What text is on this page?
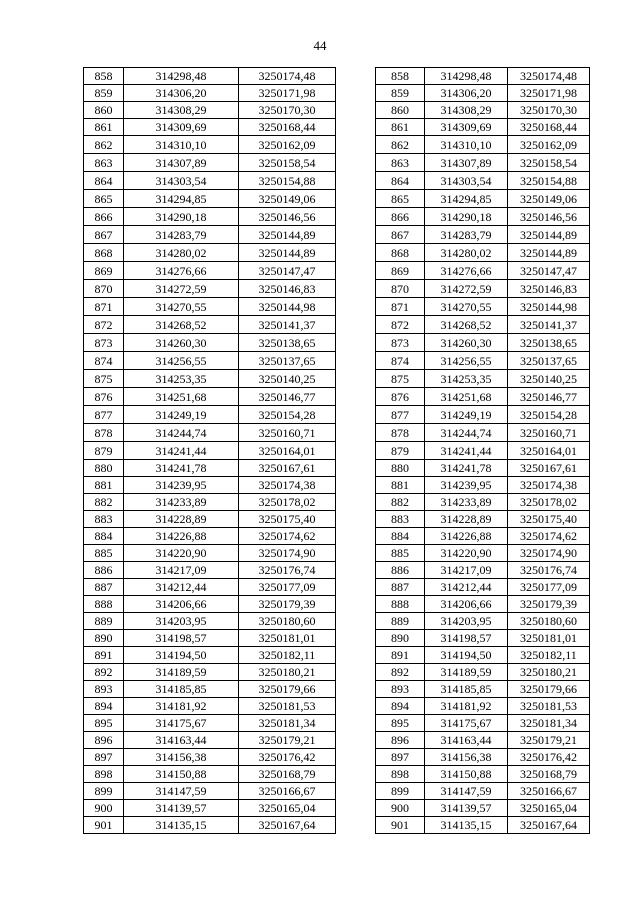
44
858	314298,48	3250174,48
859	314306,20	3250171,98
860	314308,29	3250170,30
861	314309,69	3250168,44
862	314310,10	3250162,09
863	314307,89	3250158,54
864	314303,54	3250154,88
865	314294,85	3250149,06
866	314290,18	3250146,56
867	314283,79	3250144,89
868	314280,02	3250144,89
869	314276,66	3250147,47
870	314272,59	3250146,83
871	314270,55	3250144,98
872	314268,52	3250141,37
873	314260,30	3250138,65
874	314256,55	3250137,65
875	314253,35	3250140,25
876	314251,68	3250146,77
877	314249,19	3250154,28
878	314244,74	3250160,71
879	314241,44	3250164,01
880	314241,78	3250167,61
881	314239,95	3250174,38
882	314233,89	3250178,02
883	314228,89	3250175,40
884	314226,88	3250174,62
885	314220,90	3250174,90
886	314217,09	3250176,74
887	314212,44	3250177,09
888	314206,66	3250179,39
889	314203,95	3250180,60
890	314198,57	3250181,01
891	314194,50	3250182,11
892	314189,59	3250180,21
893	314185,85	3250179,66
894	314181,92	3250181,53
895	314175,67	3250181,34
896	314163,44	3250179,21
897	314156,38	3250176,42
898	314150,88	3250168,79
899	314147,59	3250166,67
900	314139,57	3250165,04
901	314135,15	3250167,64
858	314298,48	3250174,48
859	314306,20	3250171,98
860	314308,29	3250170,30
861	314309,69	3250168,44
862	314310,10	3250162,09
863	314307,89	3250158,54
864	314303,54	3250154,88
865	314294,85	3250149,06
866	314290,18	3250146,56
867	314283,79	3250144,89
868	314280,02	3250144,89
869	314276,66	3250147,47
870	314272,59	3250146,83
871	314270,55	3250144,98
872	314268,52	3250141,37
873	314260,30	3250138,65
874	314256,55	3250137,65
875	314253,35	3250140,25
876	314251,68	3250146,77
877	314249,19	3250154,28
878	314244,74	3250160,71
879	314241,44	3250164,01
880	314241,78	3250167,61
881	314239,95	3250174,38
882	314233,89	3250178,02
883	314228,89	3250175,40
884	314226,88	3250174,62
885	314220,90	3250174,90
886	314217,09	3250176,74
887	314212,44	3250177,09
888	314206,66	3250179,39
889	314203,95	3250180,60
890	314198,57	3250181,01
891	314194,50	3250182,11
892	314189,59	3250180,21
893	314185,85	3250179,66
894	314181,92	3250181,53
895	314175,67	3250181,34
896	314163,44	3250179,21
897	314156,38	3250176,42
898	314150,88	3250168,79
899	314147,59	3250166,67
900	314139,57	3250165,04
901	314135,15	3250167,64
